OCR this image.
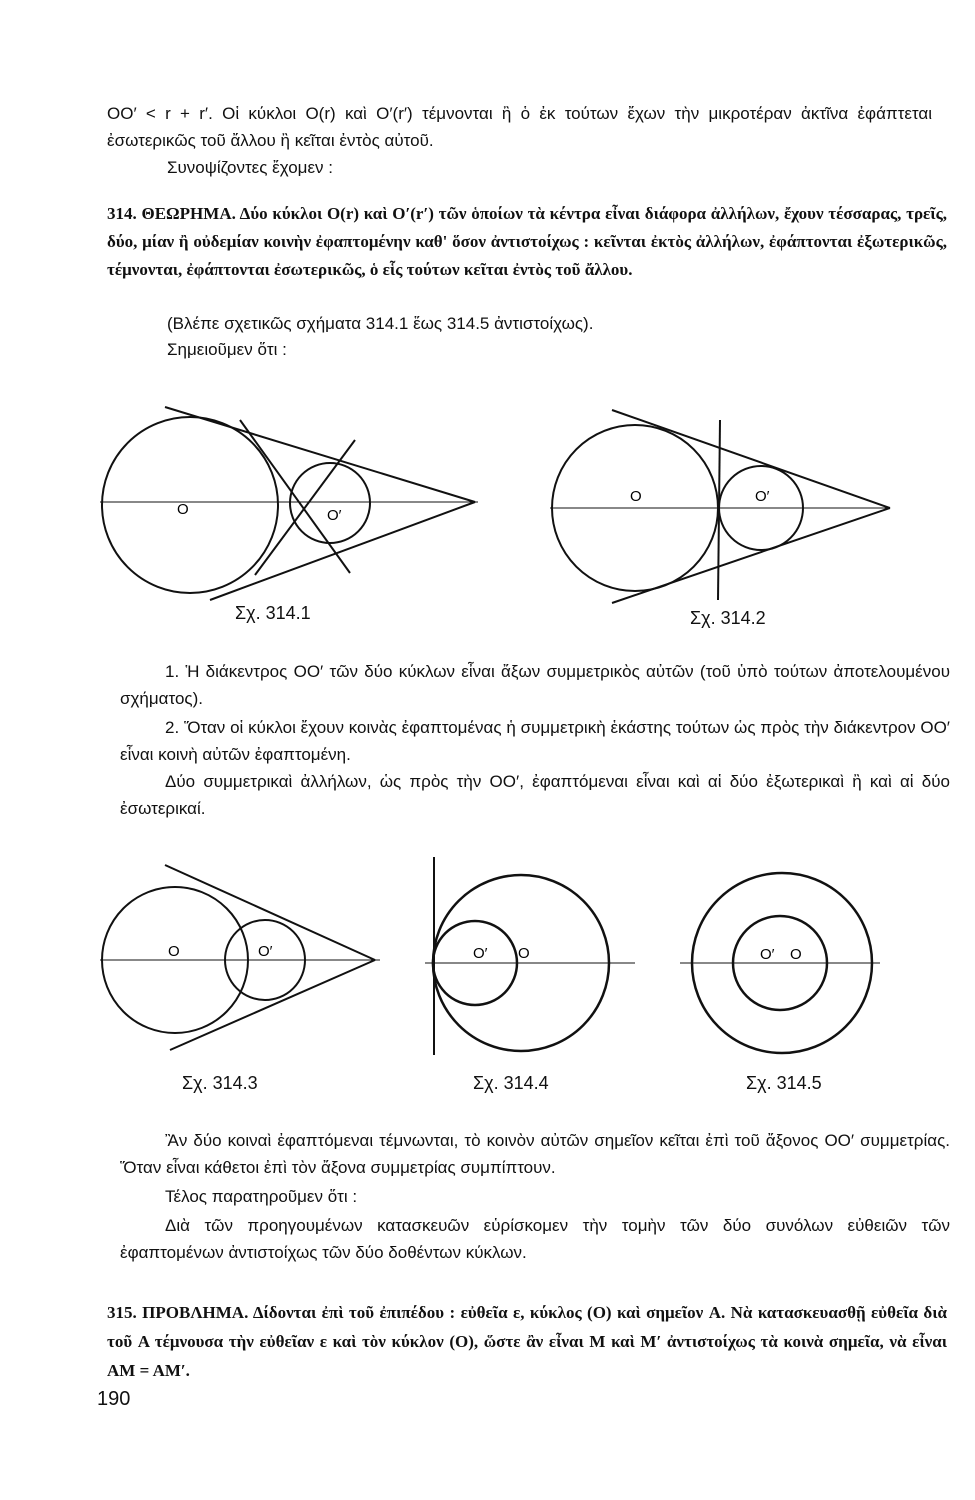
OO′ < r + r′. Οἱ κύκλοι O(r) καὶ O′(r′) τέμνονται ἢ ὁ ἐκ τούτων ἔχων τὴν μικροτέραν ἀκτῖνα ἐφάπτεται ἐσωτερικῶς τοῦ ἄλλου ἢ κεῖται ἐντὸς αὐτοῦ.

Συνοψίζοντες ἔχομεν :

314. ΘΕΩΡΗΜΑ. Δύο κύκλοι O(r) καὶ O′(r′) τῶν ὁποίων τὰ κέντρα εἶναι διάφορα ἀλλήλων, ἔχουν τέσσαρας, τρεῖς, δύο, μίαν ἢ οὐδεμίαν κοινὴν ἐφαπτομένην καθ' ὅσον ἀντιστοίχως : κεῖνται ἐκτὸς ἀλλήλων, ἐφάπτονται ἐξωτερικῶς, τέμνονται, ἐφάπτονται ἐσωτερικῶς, ὁ εἷς τούτων κεῖται ἐντὸς τοῦ ἄλλου.

(Βλέπε σχετικῶς σχήματα 314.1 ἕως 314.5 ἀντιστοίχως).

Σημειοῦμεν ὅτι :

O	O′
Σχ. 314.1
O	O′
Σχ. 314.2

1. Ἡ διάκεντρος OO′ τῶν δύο κύκλων εἶναι ἄξων συμμετρικὸς αὐτῶν (τοῦ ὑπὸ τούτων ἀποτελουμένου σχήματος).

2. Ὅταν οἱ κύκλοι ἔχουν κοινὰς ἐφαπτομένας ἡ συμμετρικὴ ἑκάστης τούτων ὡς πρὸς τὴν διάκεντρον OO′ εἶναι κοινὴ αὐτῶν ἐφαπτομένη.

Δύο συμμετρικαὶ ἀλλήλων, ὡς πρὸς τὴν OO′, ἐφαπτόμεναι εἶναι καὶ αἱ δύο ἐξωτερικαὶ ἢ καὶ αἱ δύο ἐσωτερικαί.

O	O′
Σχ. 314.3
O′ O
Σχ. 314.4
O′ O
Σχ. 314.5

Ἂν δύο κοιναὶ ἐφαπτόμεναι τέμνωνται, τὸ κοινὸν αὐτῶν σημεῖον κεῖται ἐπὶ τοῦ ἄξονος OO′ συμμετρίας. Ὅταν εἶναι κάθετοι ἐπὶ τὸν ἄξονα συμμετρίας συμπίπτουν.

Τέλος παρατηροῦμεν ὅτι :

Διὰ τῶν προηγουμένων κατασκευῶν εὑρίσκομεν τὴν τομὴν τῶν δύο συνόλων εὐθειῶν τῶν ἐφαπτομένων ἀντιστοίχως τῶν δύο δοθέντων κύκλων.

315. ΠΡΟΒΛΗΜΑ. Δίδονται ἐπὶ τοῦ ἐπιπέδου : εὐθεῖα ε, κύκλος (O) καὶ σημεῖον A. Νὰ κατασκευασθῇ εὐθεῖα διὰ τοῦ A τέμνουσα τὴν εὐθεῖαν ε καὶ τὸν κύκλον (O), ὥστε ἂν εἶναι M καὶ M′ ἀντιστοίχως τὰ κοινὰ σημεῖα, νὰ εἶναι AM = AM′.

190
